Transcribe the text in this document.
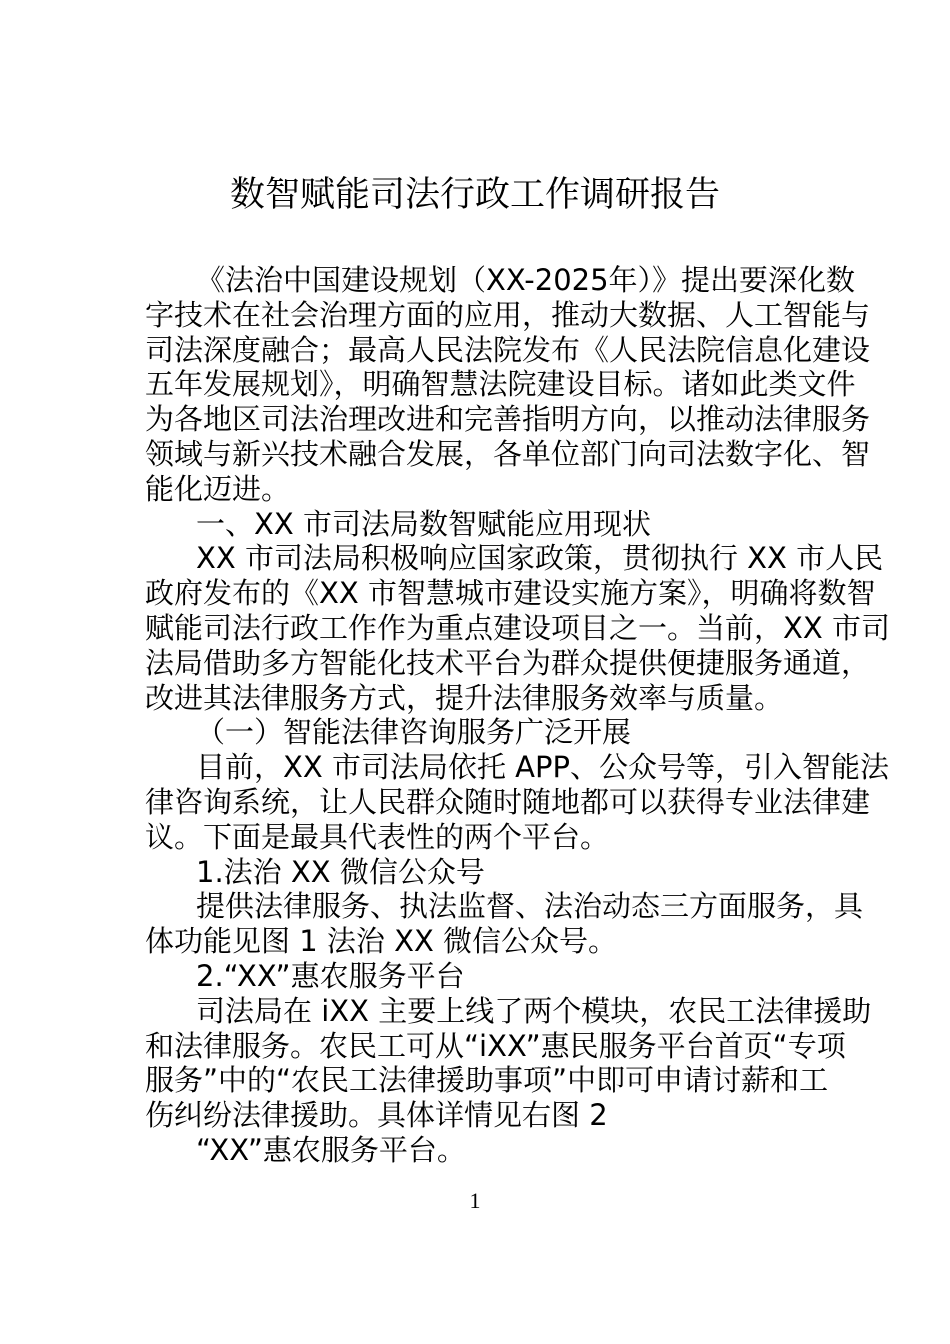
数智赋能司法行政工作调研报告
《法治中国建设规划（XX-2025年）》提出要深化数
字技术在社会治理方面的应用，推动大数据、人工智能与
司法深度融合；最高人民法院发布《人民法院信息化建设
五年发展规划》，明确智慧法院建设目标。诸如此类文件
为各地区司法治理改进和完善指明方向，以推动法律服务
领域与新兴技术融合发展，各单位部门向司法数字化、智
能化迈进。
一、XX 市司法局数智赋能应用现状
XX 市司法局积极响应国家政策，贯彻执行 XX 市人民
政府发布的《XX 市智慧城市建设实施方案》，明确将数智
赋能司法行政工作作为重点建设项目之一。当前，XX 市司
法局借助多方智能化技术平台为群众提供便捷服务通道，
改进其法律服务方式，提升法律服务效率与质量。
（一）智能法律咨询服务广泛开展
目前，XX 市司法局依托 APP、公众号等，引入智能法
律咨询系统，让人民群众随时随地都可以获得专业法律建
议。下面是最具代表性的两个平台。
1.法治 XX 微信公众号
提供法律服务、执法监督、法治动态三方面服务，具
体功能见图 1 法治 XX 微信公众号。
2.“XX”惠农服务平台
司法局在 iXX 主要上线了两个模块，农民工法律援助
和法律服务。农民工可从“iXX”惠民服务平台首页“专项
服务”中的“农民工法律援助事项”中即可申请讨薪和工
伤纠纷法律援助。具体详情见右图 2
“XX”惠农服务平台。
1
